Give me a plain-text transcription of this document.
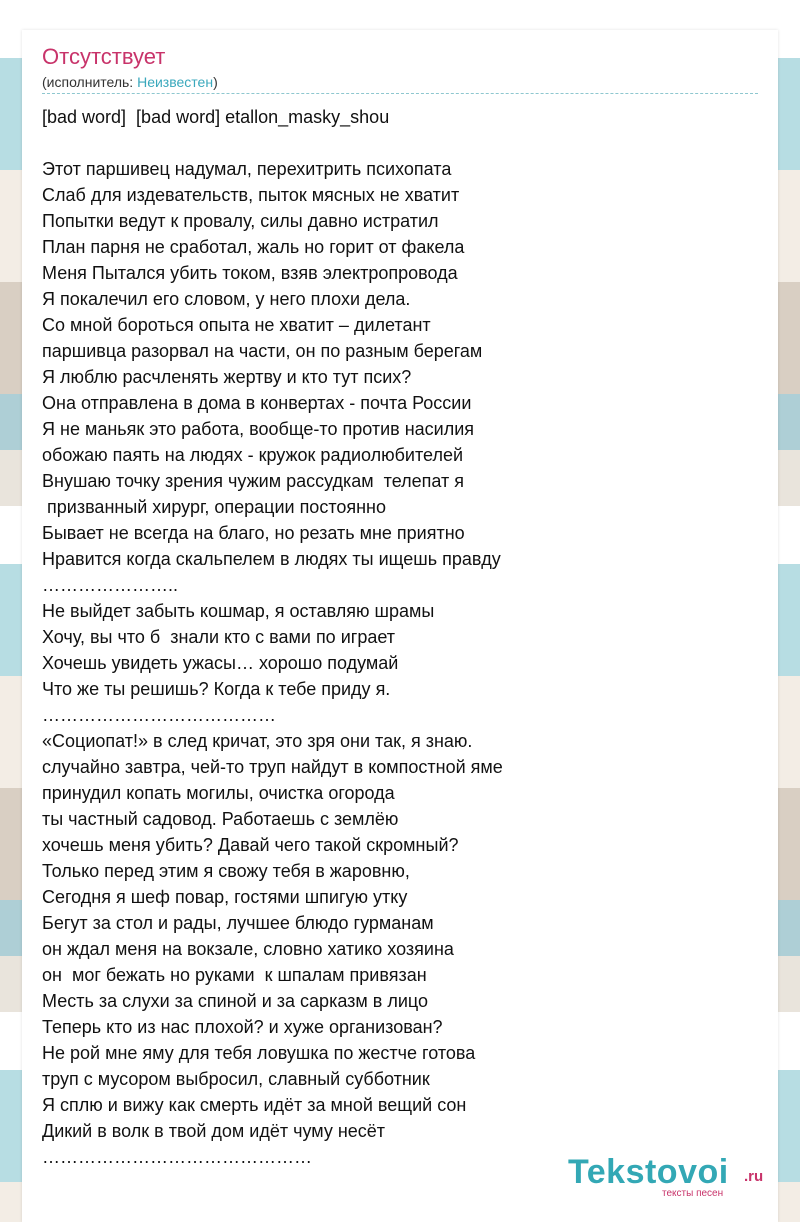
Отсутствует
(исполнитель: Неизвестен)
[bad word]  [bad word] etallon_masky_shou
Этот паршивец надумал, перехитрить психопата
Слаб для издевательств, пыток мясных не хватит
Попытки ведут к провалу, силы давно истратил
План парня не сработал, жаль но горит от факела
Меня Пытался убить током, взяв электропровода
Я покалечил его словом, у него плохи дела.
Со мной бороться опыта не хватит – дилетант
паршивца разорвал на части, он по разным берегам
Я люблю расчленять жертву и кто тут псих?
Она отправлена в дома в конвертах - почта России
Я не маньяк это работа, вообще-то против насилия
обожаю паять на людях - кружок радиолюбителей
Внушаю точку зрения чужим рассудкам  телепат я
призванный хирург, операции постоянно
Бывает не всегда на благо, но резать мне приятно
Нравится когда скальпелем в людях ты ищешь правду
…………………..
Не выйдет забыть кошмар, я оставляю шрамы
Хочу, вы что б  знали кто с вами по играет
Хочешь увидеть ужасы… хорошо подумай
Что же ты решишь? Когда к тебе приду я.
…………………………………
«Социопат!» в след кричат, это зря они так, я знаю.
случайно завтра, чей-то труп найдут в компостной яме
принудил копать могилы, очистка огорода
ты частный садовод. Работаешь с землёю
хочешь меня убить? Давай чего такой скромный?
Только перед этим я свожу тебя в жаровню,
Сегодня я шеф повар, гостями шпигую утку
Бегут за стол и рады, лучшее блюдо гурманам
он ждал меня на вокзале, словно хатико хозяина
он  мог бежать но руками  к шпалам привязан
Месть за слухи за спиной и за сарказм в лицо
Теперь кто из нас плохой? и хуже организован?
Не рой мне яму для тебя ловушка по жестче готова
труп с мусором выбросил, славный субботник
Я сплю и вижу как смерть идёт за мной вещий сон
Дикий в волк в твой дом идёт чуму несёт
………………………………………	Tekstovoi .ru
тексты песен
